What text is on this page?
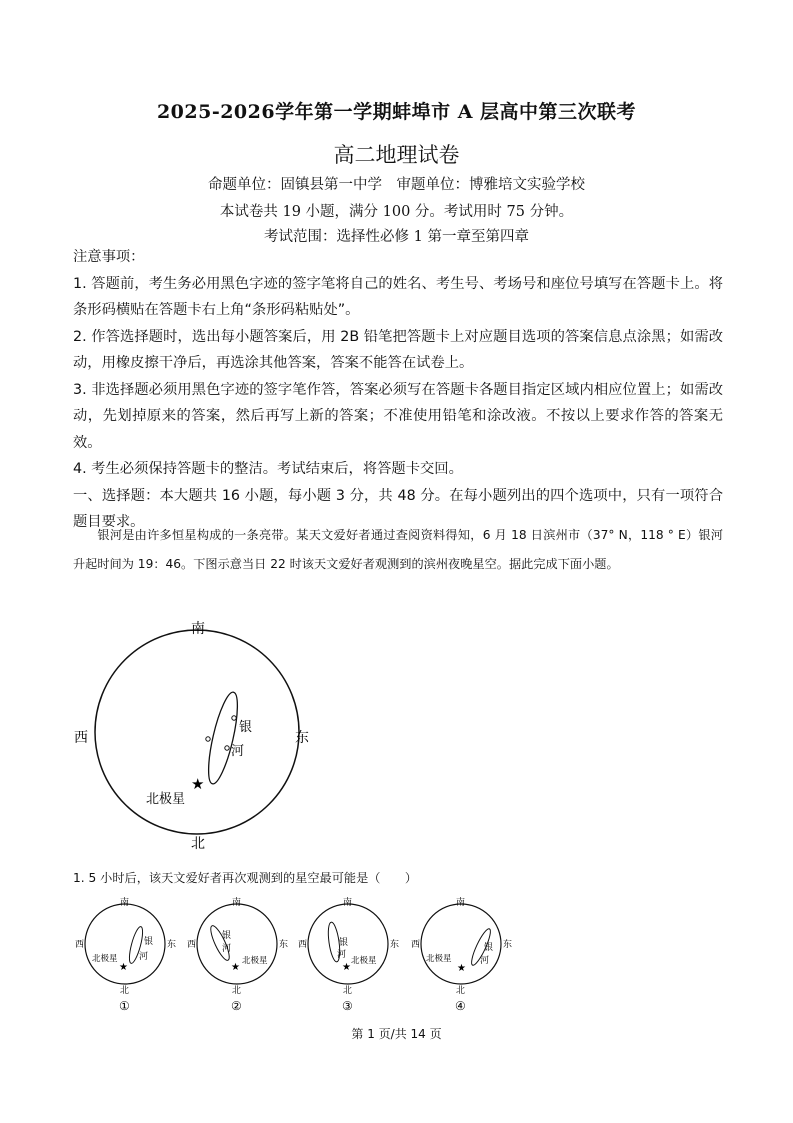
2025-2026学年第一学期蚌埠市 A 层高中第三次联考
高二地理试卷
命题单位：固镇县第一中学　审题单位：博雅培文实验学校
本试卷共 19 小题，满分 100 分。考试用时 75 分钟。
考试范围：选择性必修 1 第一章至第四章
注意事项：
1. 答题前，考生务必用黑色字迹的签字笔将自己的姓名、考生号、考场号和座位号填写在答题卡上。将条形码横贴在答题卡右上角“条形码粘贴处”。
2. 作答选择题时，选出每小题答案后，用 2B 铅笔把答题卡上对应题目选项的答案信息点涂黑；如需改动，用橡皮擦干净后，再选涂其他答案，答案不能答在试卷上。
3. 非选择题必须用黑色字迹的签字笔作答，答案必须写在答题卡各题目指定区域内相应位置上；如需改动，先划掉原来的答案，然后再写上新的答案；不准使用铅笔和涂改液。不按以上要求作答的答案无效。
4. 考生必须保持答题卡的整洁。考试结束后，将答题卡交回。
一、选择题：本大题共 16 小题，每小题 3 分，共 48 分。在每小题列出的四个选项中，只有一项符合题目要求。
银河是由许多恒星构成的一条亮带。某天文爱好者通过查阅资料得知，6 月 18 日滨州市（37° N，118 ° E）银河升起时间为 19：46。下图示意当日 22 时该天文爱好者观测到的滨州夜晚星空。据此完成下面小题。
南
北
西	东
银
河
★
北极星
1. 5 小时后，该天文爱好者再次观测到的星空最可能是（　　）
南
北
西	东
银
河
★
北极星
①
南
北
西	东
银
河
★
北极星
②
南
北
西	东
银
河
★
北极星
③
南
北
西	东
银
河
★
北极星
④
第 1 页/共 14 页
